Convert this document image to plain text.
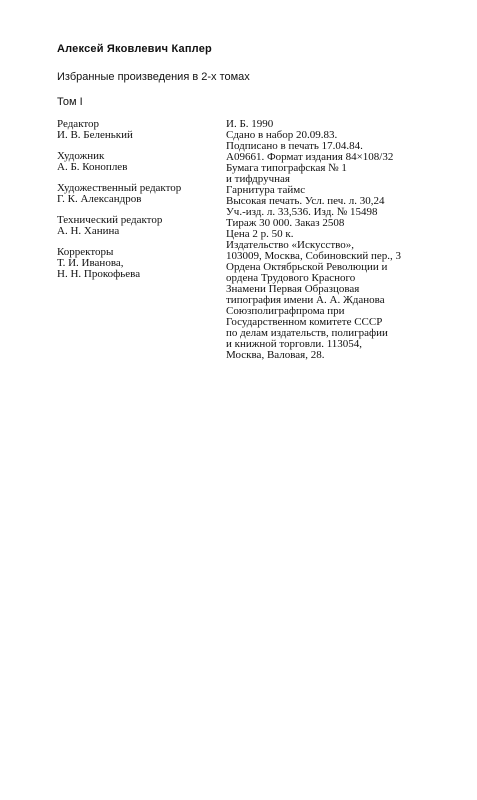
Алексей Яковлевич Каплер
Избранные произведения в 2-х томах
Том I
Редактор
И. В. Беленький
Художник
А. Б. Коноплев
Художественный редактор
Г. К. Александров
Технический редактор
А. Н. Ханина
Корректоры
Т. И. Иванова,
Н. Н. Прокофьева
И. Б. 1990
Сдано в набор 20.09.83.
Подписано в печать 17.04.84.
А09661. Формат издания 84×108/32
Бумага типографская № 1
и тифдручная
Гарнитура таймс
Высокая печать. Усл. печ. л. 30,24
Уч.-изд. л. 33,536. Изд. № 15498
Тираж 30 000. Заказ 2508
Цена 2 р. 50 к.
Издательство «Искусство»,
103009, Москва, Собиновский пер., 3
Ордена Октябрьской Революции и
ордена Трудового Красного
Знамени Первая Образцовая
типография имени А. А. Жданова
Союзполиграфпрома при
Государственном комитете СССР
по делам издательств, полиграфии
и книжной торговли. 113054,
Москва, Валовая, 28.
